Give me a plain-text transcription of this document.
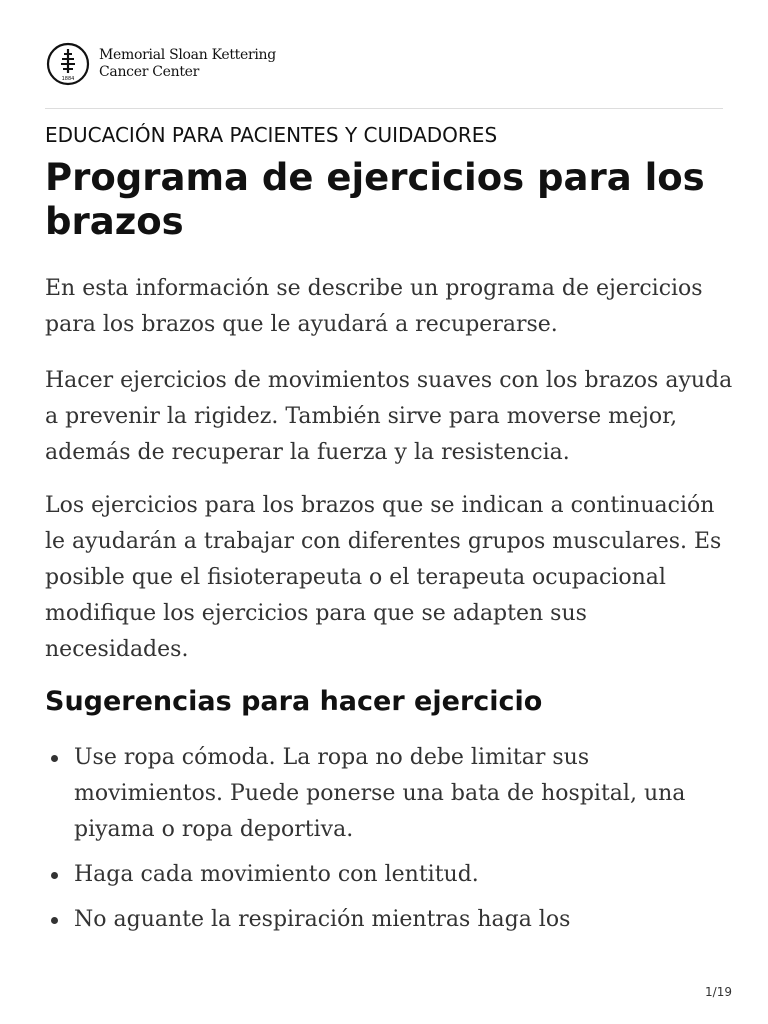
1884
Memorial Sloan Kettering
Cancer Center

EDUCACIÓN PARA PACIENTES Y CUIDADORES

Programa de ejercicios para los brazos

En esta información se describe un programa de ejercicios para los brazos que le ayudará a recuperarse.

Hacer ejercicios de movimientos suaves con los brazos ayuda a prevenir la rigidez. También sirve para moverse mejor, además de recuperar la fuerza y la resistencia.

Los ejercicios para los brazos que se indican a continuación le ayudarán a trabajar con diferentes grupos musculares. Es posible que el fisioterapeuta o el terapeuta ocupacional modifique los ejercicios para que se adapten sus necesidades.

Sugerencias para hacer ejercicio
Use ropa cómoda. La ropa no debe limitar sus movimientos. Puede ponerse una bata de hospital, una piyama o ropa deportiva.
Haga cada movimiento con lentitud.
No aguante la respiración mientras haga los
1/19
